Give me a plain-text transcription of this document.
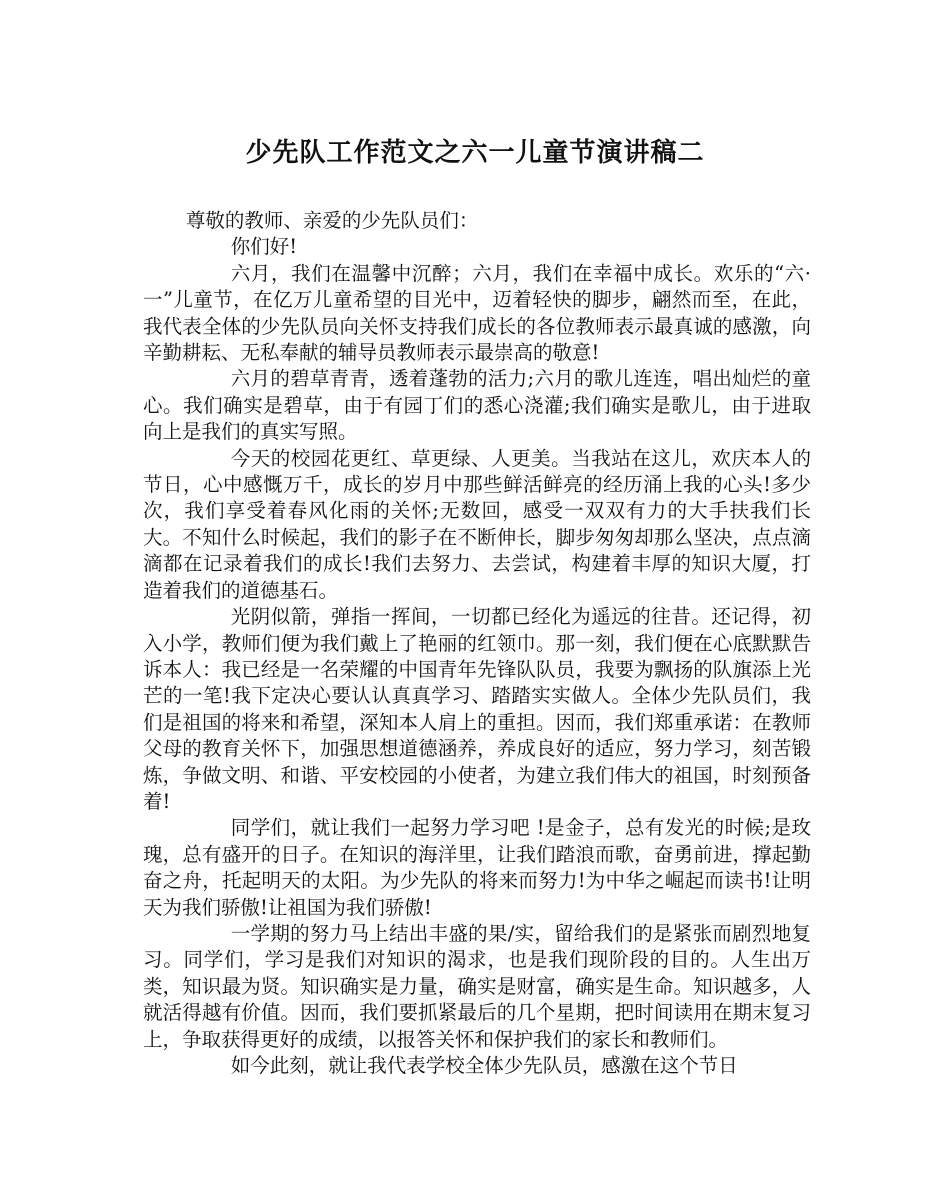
少先队工作范文之六一儿童节演讲稿二

尊敬的教师、亲爱的少先队员们：

你们好!

六月，我们在温馨中沉醉；六月，我们在幸福中成长。欢乐的“六·一”儿童节，在亿万儿童希望的目光中，迈着轻快的脚步，翩然而至，在此，我代表全体的少先队员向关怀支持我们成长的各位教师表示最真诚的感激，向辛勤耕耘、无私奉献的辅导员教师表示最崇高的敬意!

六月的碧草青青，透着蓬勃的活力;六月的歌儿连连，唱出灿烂的童心。我们确实是碧草，由于有园丁们的悉心浇灌;我们确实是歌儿，由于进取向上是我们的真实写照。

今天的校园花更红、草更绿、人更美。当我站在这儿，欢庆本人的节日，心中感慨万千，成长的岁月中那些鲜活鲜亮的经历涌上我的心头!多少次，我们享受着春风化雨的关怀;无数回，感受一双双有力的大手扶我们长大。不知什么时候起，我们的影子在不断伸长，脚步匆匆却那么坚决，点点滴滴都在记录着我们的成长!我们去努力、去尝试，构建着丰厚的知识大厦，打造着我们的道德基石。

光阴似箭，弹指一挥间，一切都已经化为遥远的往昔。还记得，初入小学，教师们便为我们戴上了艳丽的红领巾。那一刻，我们便在心底默默告诉本人：我已经是一名荣耀的中国青年先锋队队员，我要为飘扬的队旗添上光芒的一笔!我下定决心要认认真真学习、踏踏实实做人。全体少先队员们，我们是祖国的将来和希望，深知本人肩上的重担。因而，我们郑重承诺：在教师父母的教育关怀下，加强思想道德涵养，养成良好的适应，努力学习，刻苦锻炼，争做文明、和谐、平安校园的小使者，为建立我们伟大的祖国，时刻预备着!

同学们，就让我们一起努力学习吧 !是金子，总有发光的时候;是玫瑰，总有盛开的日子。在知识的海洋里，让我们踏浪而歌，奋勇前进，撑起勤奋之舟，托起明天的太阳。为少先队的将来而努力!为中华之崛起而读书!让明天为我们骄傲!让祖国为我们骄傲!

一学期的努力马上结出丰盛的果/实，留给我们的是紧张而剧烈地复习。同学们，学习是我们对知识的渴求，也是我们现阶段的目的。人生出万类，知识最为贤。知识确实是力量，确实是财富，确实是生命。知识越多，人就活得越有价值。因而，我们要抓紧最后的几个星期，把时间读用在期末复习上，争取获得更好的成绩，以报答关怀和保护我们的家长和教师们。

如今此刻，就让我代表学校全体少先队员，感激在这个节日
